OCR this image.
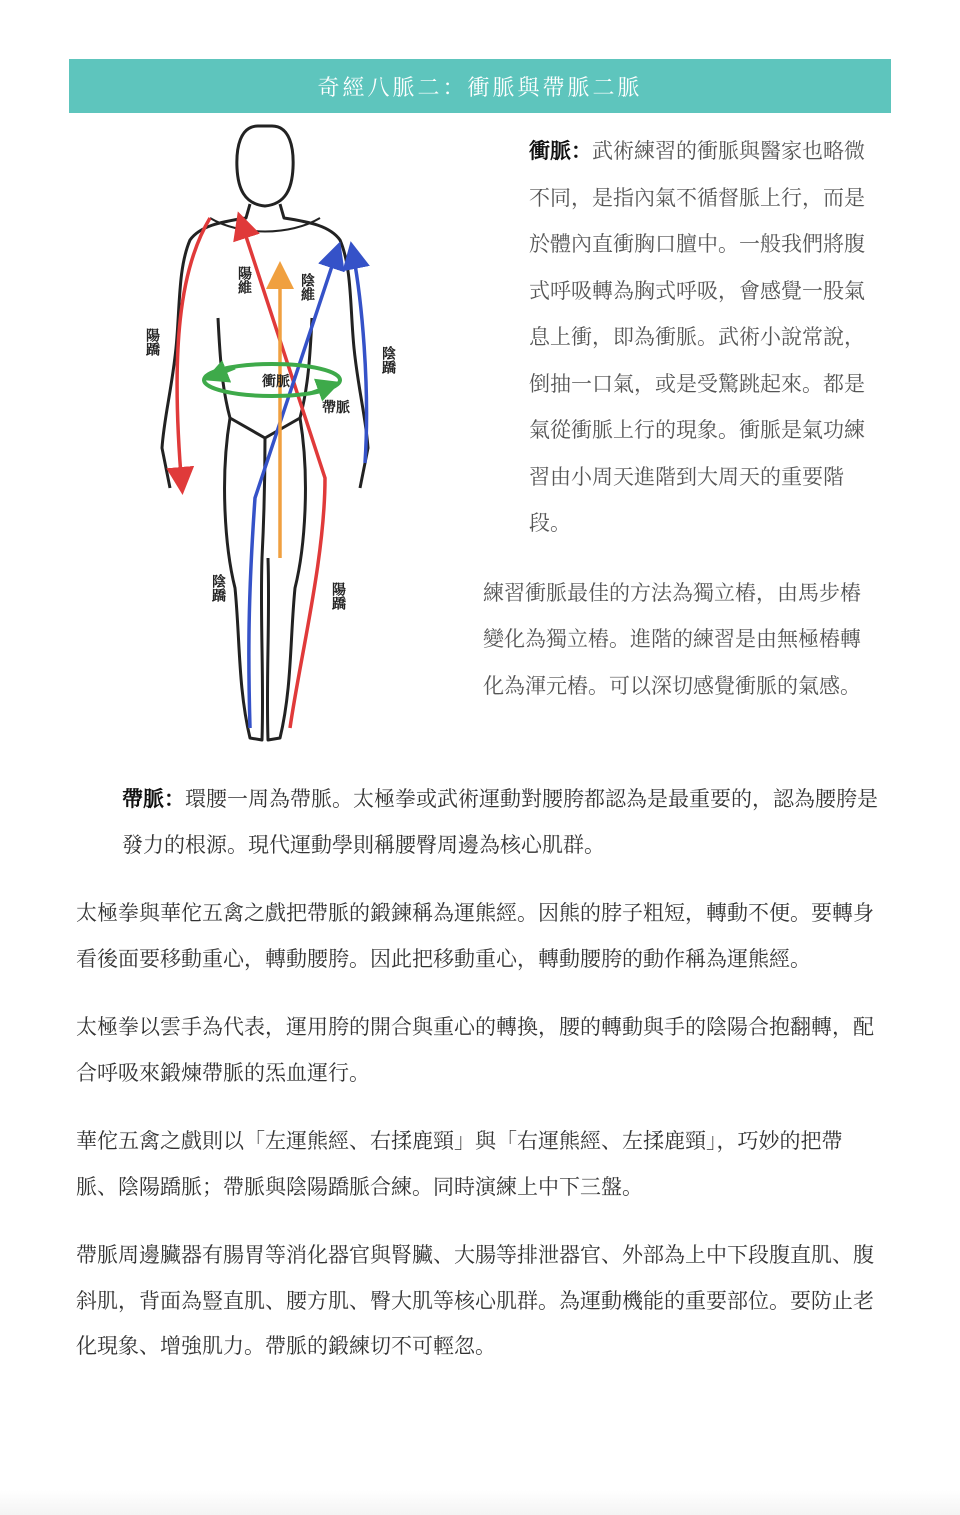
奇經八脈二：衝脈與帶脈二脈
陽維	陰維
陽蹻
陰蹻
衝脈
帶脈
陰蹻	陽蹻

衝脈：武術練習的衝脈與醫家也略微不同，是指內氣不循督脈上行，而是於體內直衝胸口膻中。一般我們將腹式呼吸轉為胸式呼吸，會感覺一股氣息上衝，即為衝脈。武術小說常說，倒抽一口氣，或是受驚跳起來。都是氣從衝脈上行的現象。衝脈是氣功練習由小周天進階到大周天的重要階段。

練習衝脈最佳的方法為獨立樁，由馬步樁變化為獨立樁。進階的練習是由無極樁轉化為渾元樁。可以深切感覺衝脈的氣感。

帶脈：環腰一周為帶脈。太極拳或武術運動對腰胯都認為是最重要的，認為腰胯是發力的根源。現代運動學則稱腰臀周邊為核心肌群。

太極拳與華佗五禽之戲把帶脈的鍛鍊稱為運熊經。因熊的脖子粗短，轉動不便。要轉身看後面要移動重心，轉動腰胯。因此把移動重心，轉動腰胯的動作稱為運熊經。

太極拳以雲手為代表，運用胯的開合與重心的轉換，腰的轉動與手的陰陽合抱翻轉，配合呼吸來鍛煉帶脈的炁血運行。

華佗五禽之戲則以「左運熊經、右揉鹿頸」與「右運熊經、左揉鹿頸」，巧妙的把帶脈、陰陽蹻脈；帶脈與陰陽蹻脈合練。同時演練上中下三盤。

帶脈周邊臟器有腸胃等消化器官與腎臟、大腸等排泄器官、外部為上中下段腹直肌、腹斜肌，背面為豎直肌、腰方肌、臀大肌等核心肌群。為運動機能的重要部位。要防止老化現象、增強肌力。帶脈的鍛練切不可輕忽。
